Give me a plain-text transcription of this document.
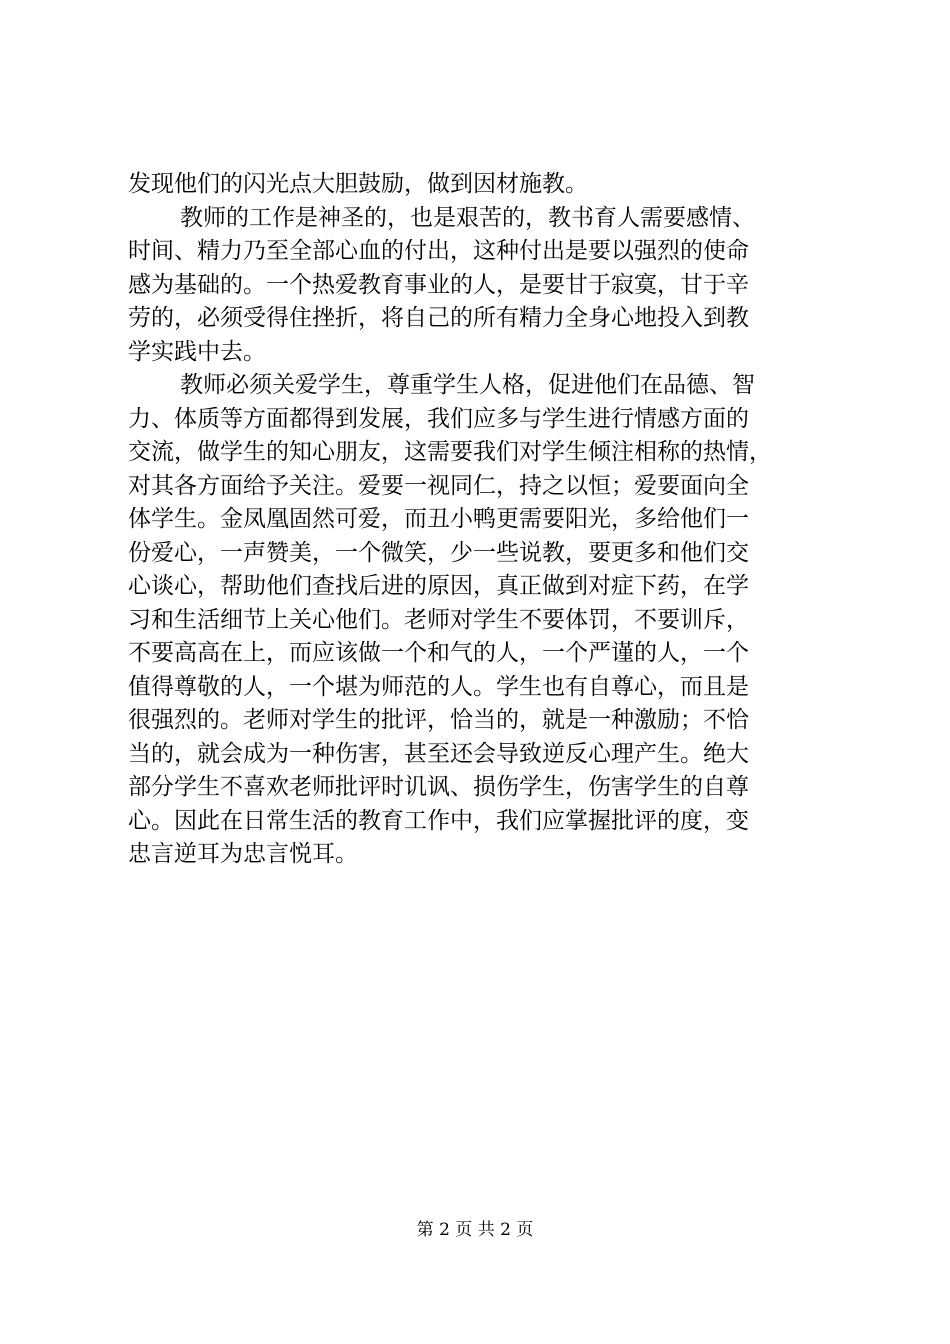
发现他们的闪光点大胆鼓励，做到因材施教。
教师的工作是神圣的，也是艰苦的，教书育人需要感情、
时间、精力乃至全部心血的付出，这种付出是要以强烈的使命
感为基础的。一个热爱教育事业的人，是要甘于寂寞，甘于辛
劳的，必须受得住挫折，将自己的所有精力全身心地投入到教
学实践中去。
教师必须关爱学生，尊重学生人格，促进他们在品德、智
力、体质等方面都得到发展，我们应多与学生进行情感方面的
交流，做学生的知心朋友，这需要我们对学生倾注相称的热情，
对其各方面给予关注。爱要一视同仁，持之以恒；爱要面向全
体学生。金凤凰固然可爱，而丑小鸭更需要阳光，多给他们一
份爱心，一声赞美，一个微笑，少一些说教，要更多和他们交
心谈心，帮助他们查找后进的原因，真正做到对症下药，在学
习和生活细节上关心他们。老师对学生不要体罚，不要训斥，
不要高高在上，而应该做一个和气的人，一个严谨的人，一个
值得尊敬的人，一个堪为师范的人。学生也有自尊心，而且是
很强烈的。老师对学生的批评，恰当的，就是一种激励；不恰
当的，就会成为一种伤害，甚至还会导致逆反心理产生。绝大
部分学生不喜欢老师批评时讥讽、损伤学生，伤害学生的自尊
心。因此在日常生活的教育工作中，我们应掌握批评的度，变
忠言逆耳为忠言悦耳。
第 2 页 共 2 页
